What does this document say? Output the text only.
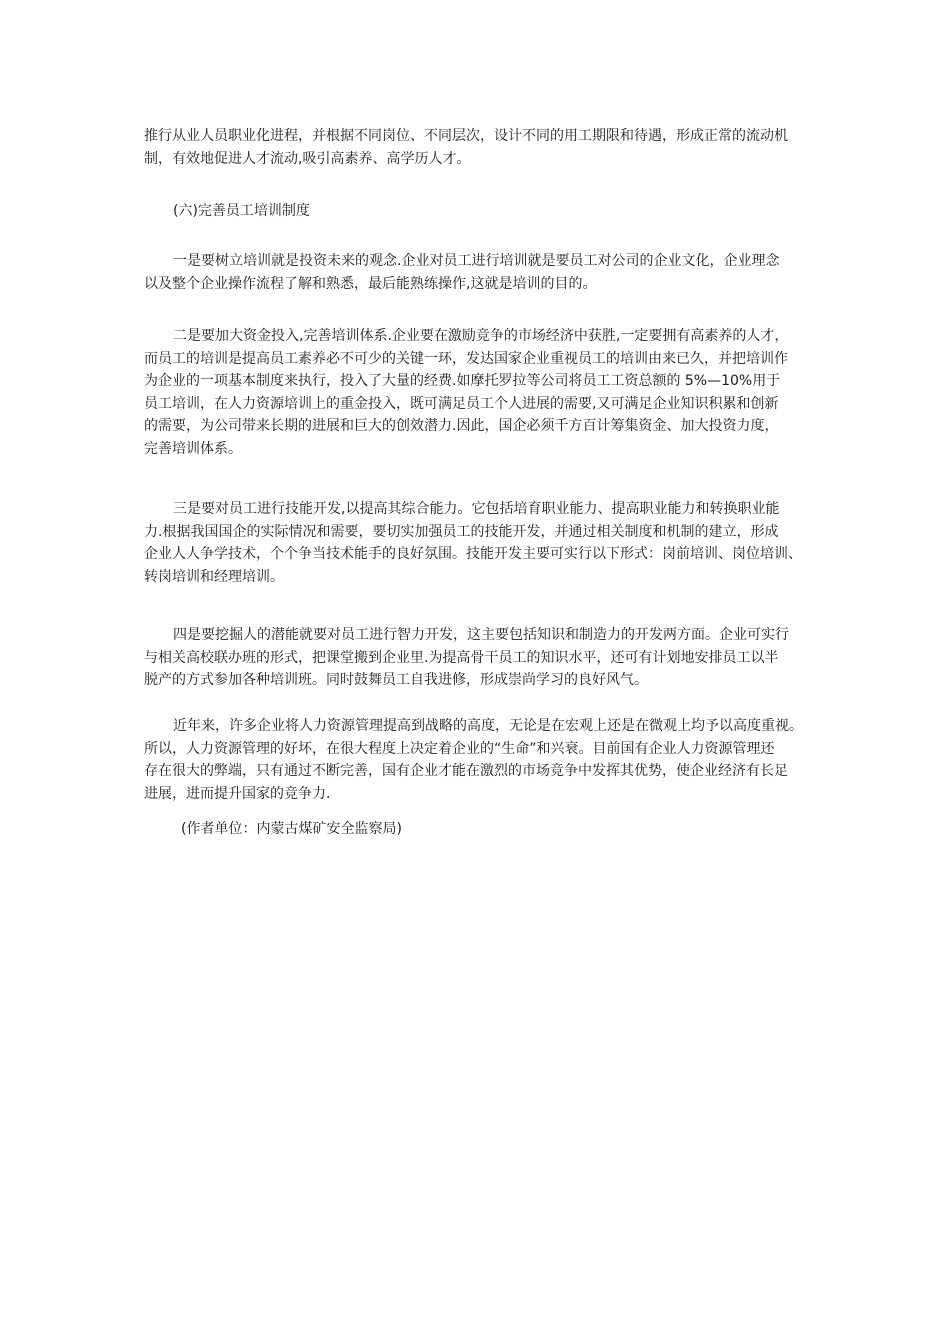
推行从业人员职业化进程，并根据不同岗位、不同层次，设计不同的用工期限和待遇，形成正常的流动机
制，有效地促进人才流动,吸引高素养、高学历人才。

(六)完善员工培训制度

一是要树立培训就是投资未来的观念.企业对员工进行培训就是要员工对公司的企业文化，企业理念
以及整个企业操作流程了解和熟悉，最后能熟练操作,这就是培训的目的。

二是要加大资金投入,完善培训体系.企业要在激励竞争的市场经济中获胜,一定要拥有高素养的人才，
而员工的培训是提高员工素养必不可少的关键一环，发达国家企业重视员工的培训由来已久，并把培训作
为企业的一项基本制度来执行，投入了大量的经费.如摩托罗拉等公司将员工工资总额的 5%—10%用于
员工培训，在人力资源培训上的重金投入，既可满足员工个人进展的需要,又可满足企业知识积累和创新
的需要，为公司带来长期的进展和巨大的创效潜力.因此，国企必须千方百计筹集资金、加大投资力度，
完善培训体系。

三是要对员工进行技能开发,以提高其综合能力。它包括培育职业能力、提高职业能力和转换职业能
力.根据我国国企的实际情况和需要，要切实加强员工的技能开发，并通过相关制度和机制的建立，形成
企业人人争学技术，个个争当技术能手的良好氛围。技能开发主要可实行以下形式：岗前培训、岗位培训、
转岗培训和经理培训。

四是要挖掘人的潜能就要对员工进行智力开发，这主要包括知识和制造力的开发两方面。企业可实行
与相关高校联办班的形式，把课堂搬到企业里.为提高骨干员工的知识水平，还可有计划地安排员工以半
脱产的方式参加各种培训班。同时鼓舞员工自我进修，形成崇尚学习的良好风气。

近年来，许多企业将人力资源管理提高到战略的高度，无论是在宏观上还是在微观上均予以高度重视。
所以，人力资源管理的好坏，在很大程度上决定着企业的“生命”和兴衰。目前国有企业人力资源管理还
存在很大的弊端，只有通过不断完善，国有企业才能在激烈的市场竞争中发挥其优势，使企业经济有长足
进展，进而提升国家的竞争力.

(作者单位：内蒙古煤矿安全监察局)
